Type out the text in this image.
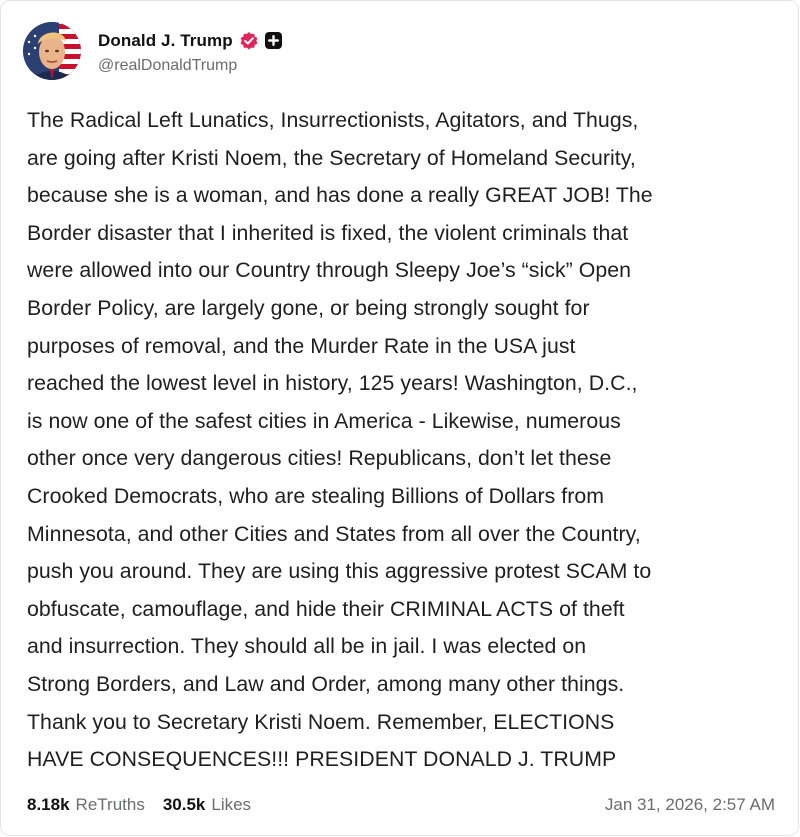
Donald J. Trump
@realDonaldTrump
The Radical Left Lunatics, Insurrectionists, Agitators, and Thugs,
are going after Kristi Noem, the Secretary of Homeland Security,
because she is a woman, and has done a really GREAT JOB! The
Border disaster that I inherited is fixed, the violent criminals that
were allowed into our Country through Sleepy Joe’s “sick” Open
Border Policy, are largely gone, or being strongly sought for
purposes of removal, and the Murder Rate in the USA just
reached the lowest level in history, 125 years! Washington, D.C.,
is now one of the safest cities in America - Likewise, numerous
other once very dangerous cities! Republicans, don’t let these
Crooked Democrats, who are stealing Billions of Dollars from
Minnesota, and other Cities and States from all over the Country,
push you around. They are using this aggressive protest SCAM to
obfuscate, camouflage, and hide their CRIMINAL ACTS of theft
and insurrection. They should all be in jail. I was elected on
Strong Borders, and Law and Order, among many other things.
Thank you to Secretary Kristi Noem. Remember, ELECTIONS
HAVE CONSEQUENCES!!! PRESIDENT DONALD J. TRUMP
8.18k ReTruths 30.5k Likes	Jan 31, 2026, 2:57 AM
